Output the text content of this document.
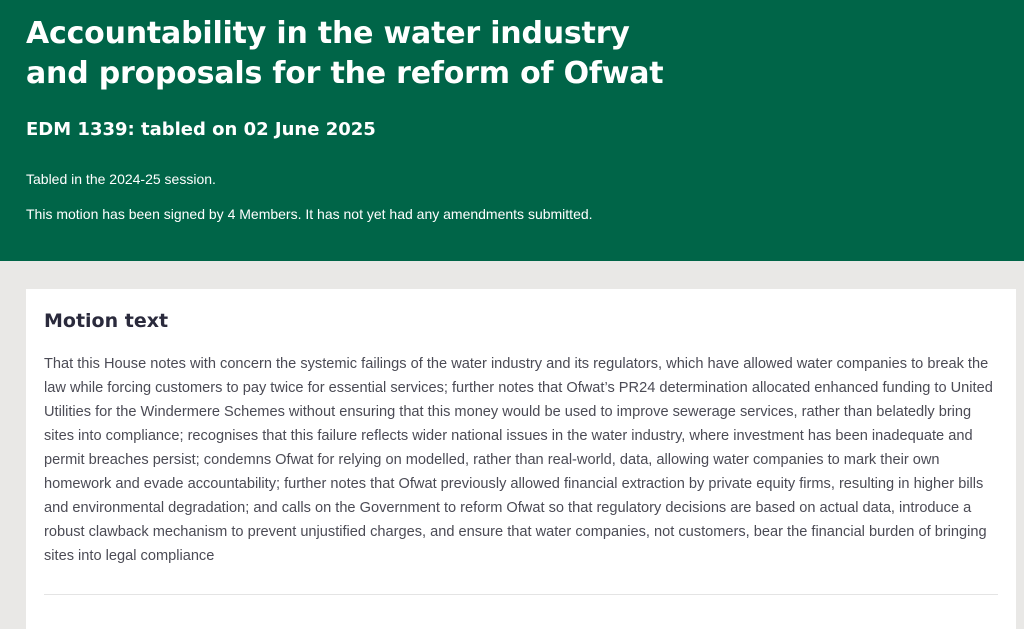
Accountability in the water industry and proposals for the reform of Ofwat
EDM 1339: tabled on 02 June 2025

Tabled in the 2024-25 session.

This motion has been signed by 4 Members. It has not yet had any amendments submitted.

Motion text

That this House notes with concern the systemic failings of the water industry and its regulators, which have allowed water companies to break the law while forcing customers to pay twice for essential services; further notes that Ofwat’s PR24 determination allocated enhanced funding to United Utilities for the Windermere Schemes without ensuring that this money would be used to improve sewerage services, rather than belatedly bring sites into compliance; recognises that this failure reflects wider national issues in the water industry, where investment has been inadequate and permit breaches persist; condemns Ofwat for relying on modelled, rather than real-world, data, allowing water companies to mark their own homework and evade accountability; further notes that Ofwat previously allowed financial extraction by private equity firms, resulting in higher bills and environmental degradation; and calls on the Government to reform Ofwat so that regulatory decisions are based on actual data, introduce a robust clawback mechanism to prevent unjustified charges, and ensure that water companies, not customers, bear the financial burden of bringing sites into legal compliance
